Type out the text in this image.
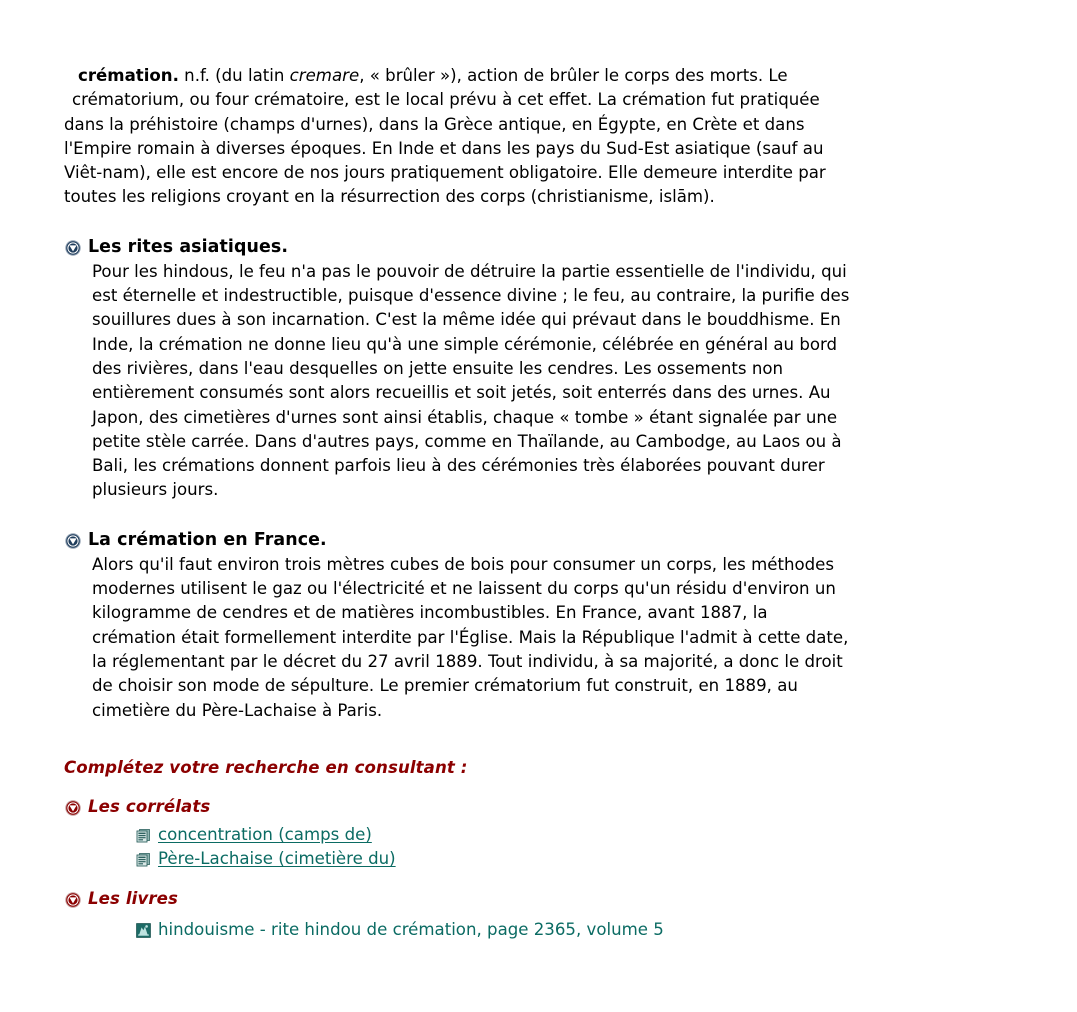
crémation. n.f. (du latin cremare, « brûler »), action de brûler le corps des morts. Le
crématorium, ou four crématoire, est le local prévu à cet effet. La crémation fut pratiquée
dans la préhistoire (champs d'urnes), dans la Grèce antique, en Égypte, en Crète et dans
l'Empire romain à diverses époques. En Inde et dans les pays du Sud-Est asiatique (sauf au
Viêt-nam), elle est encore de nos jours pratiquement obligatoire. Elle demeure interdite par
toutes les religions croyant en la résurrection des corps (christianisme, islām).
Les rites asiatiques.
Pour les hindous, le feu n'a pas le pouvoir de détruire la partie essentielle de l'individu, qui
est éternelle et indestructible, puisque d'essence divine ; le feu, au contraire, la purifie des
souillures dues à son incarnation. C'est la même idée qui prévaut dans le bouddhisme. En
Inde, la crémation ne donne lieu qu'à une simple cérémonie, célébrée en général au bord
des rivières, dans l'eau desquelles on jette ensuite les cendres. Les ossements non
entièrement consumés sont alors recueillis et soit jetés, soit enterrés dans des urnes. Au
Japon, des cimetières d'urnes sont ainsi établis, chaque « tombe » étant signalée par une
petite stèle carrée. Dans d'autres pays, comme en Thaïlande, au Cambodge, au Laos ou à
Bali, les crémations donnent parfois lieu à des cérémonies très élaborées pouvant durer
plusieurs jours.
La crémation en France.
Alors qu'il faut environ trois mètres cubes de bois pour consumer un corps, les méthodes
modernes utilisent le gaz ou l'électricité et ne laissent du corps qu'un résidu d'environ un
kilogramme de cendres et de matières incombustibles. En France, avant 1887, la
crémation était formellement interdite par l'Église. Mais la République l'admit à cette date,
la réglementant par le décret du 27 avril 1889. Tout individu, à sa majorité, a donc le droit
de choisir son mode de sépulture. Le premier crématorium fut construit, en 1889, au
cimetière du Père-Lachaise à Paris.
Complétez votre recherche en consultant :
Les corrélats
concentration (camps de)
Père-Lachaise (cimetière du)
Les livres
hindouisme - rite hindou de crémation, page 2365, volume 5
